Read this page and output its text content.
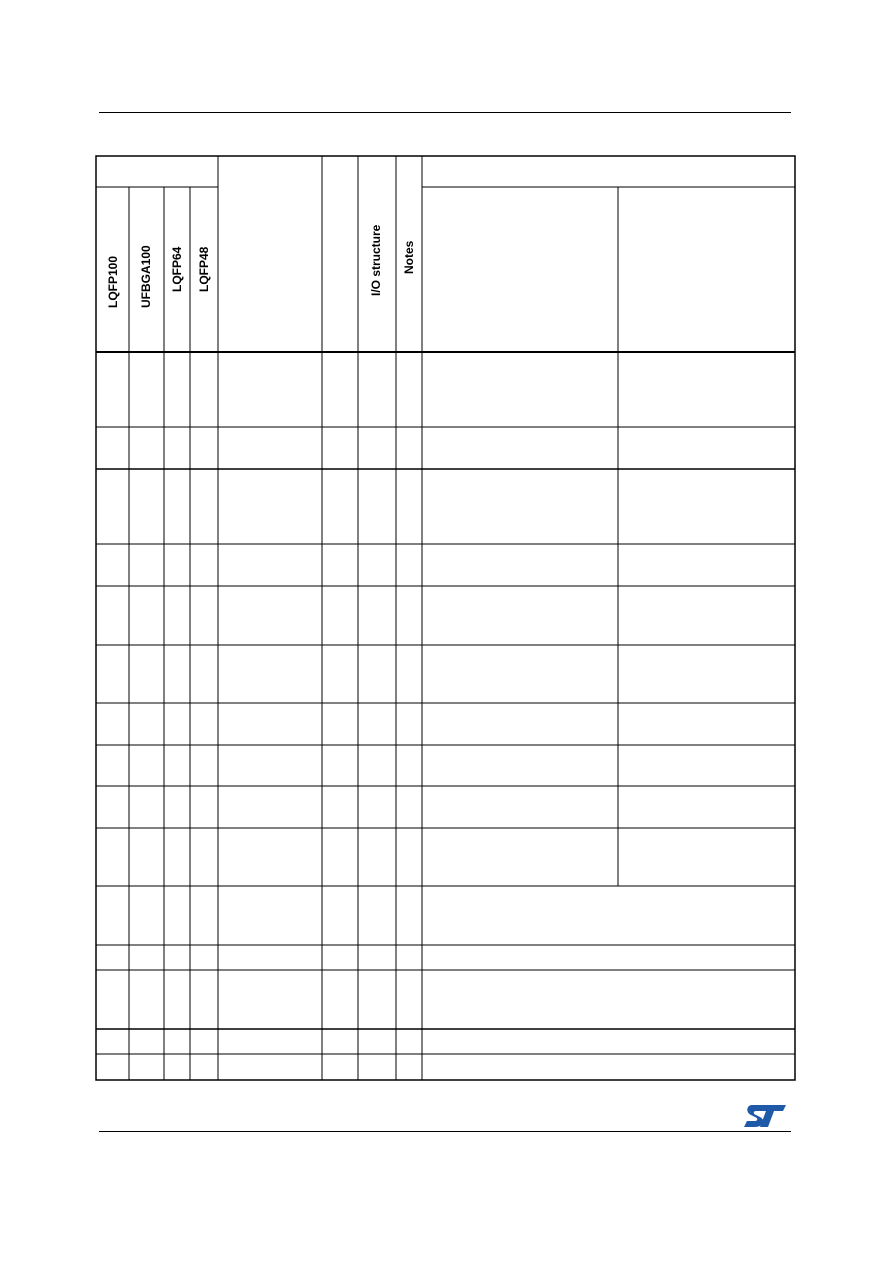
LQFP100 UFBGA100 LQFP64 LQFP48	I/O structure Notes
